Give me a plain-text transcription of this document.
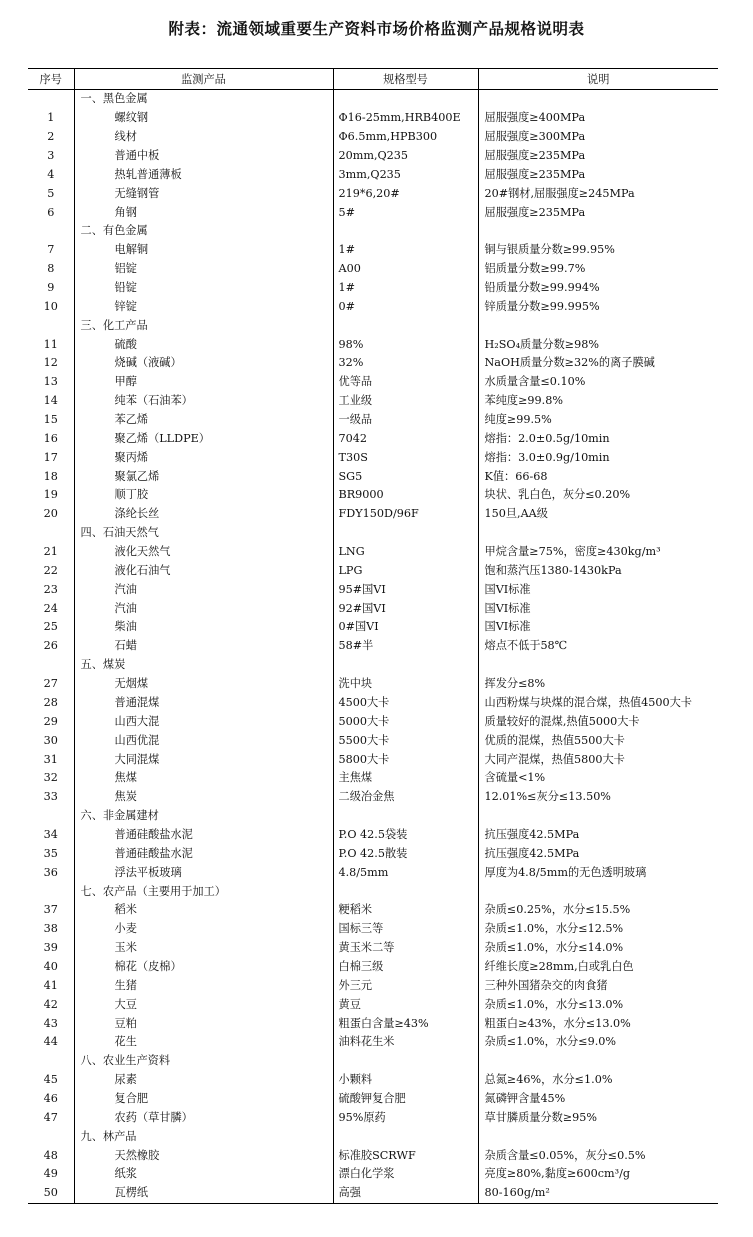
附表：流通领域重要生产资料市场价格监测产品规格说明表
序号	监测产品	规格型号	说明
	一、黑色金属		
1	螺纹钢	Φ16-25mm,HRB400E	屈服强度≥400MPa
2	线材	Φ6.5mm,HPB300	屈服强度≥300MPa
3	普通中板	20mm,Q235	屈服强度≥235MPa
4	热轧普通薄板	3mm,Q235	屈服强度≥235MPa
5	无缝钢管	219*6,20#	20#钢材,屈服强度≥245MPa
6	角钢	5#	屈服强度≥235MPa
	二、有色金属		
7	电解铜	1#	铜与银质量分数≥99.95%
8	铝锭	A00	铝质量分数≥99.7%
9	铅锭	1#	铅质量分数≥99.994%
10	锌锭	0#	锌质量分数≥99.995%
	三、化工产品		
11	硫酸	98%	H₂SO₄质量分数≥98%
12	烧碱（液碱）	32%	NaOH质量分数≥32%的离子膜碱
13	甲醇	优等品	水质量含量≤0.10%
14	纯苯（石油苯）	工业级	苯纯度≥99.8%
15	苯乙烯	一级品	纯度≥99.5%
16	聚乙烯（LLDPE）	7042	熔指：2.0±0.5g/10min
17	聚丙烯	T30S	熔指：3.0±0.9g/10min
18	聚氯乙烯	SG5	K值：66-68
19	顺丁胶	BR9000	块状、乳白色，灰分≤0.20%
20	涤纶长丝	FDY150D/96F	150旦,AA级
	四、石油天然气		
21	液化天然气	LNG	甲烷含量≥75%，密度≥430kg/m³
22	液化石油气	LPG	饱和蒸汽压1380-1430kPa
23	汽油	95#国VI	国VI标准
24	汽油	92#国VI	国VI标准
25	柴油	0#国VI	国VI标准
26	石蜡	58#半	熔点不低于58℃
	五、煤炭		
27	无烟煤	洗中块	挥发分≤8%
28	普通混煤	4500大卡	山西粉煤与块煤的混合煤，热值4500大卡
29	山西大混	5000大卡	质量较好的混煤,热值5000大卡
30	山西优混	5500大卡	优质的混煤，热值5500大卡
31	大同混煤	5800大卡	大同产混煤，热值5800大卡
32	焦煤	主焦煤	含硫量<1%
33	焦炭	二级冶金焦	12.01%≤灰分≤13.50%
	六、非金属建材		
34	普通硅酸盐水泥	P.O 42.5袋装	抗压强度42.5MPa
35	普通硅酸盐水泥	P.O 42.5散装	抗压强度42.5MPa
36	浮法平板玻璃	4.8/5mm	厚度为4.8/5mm的无色透明玻璃
	七、农产品（主要用于加工）		
37	稻米	粳稻米	杂质≤0.25%，水分≤15.5%
38	小麦	国标三等	杂质≤1.0%，水分≤12.5%
39	玉米	黄玉米二等	杂质≤1.0%，水分≤14.0%
40	棉花（皮棉）	白棉三级	纤维长度≥28mm,白或乳白色
41	生猪	外三元	三种外国猪杂交的肉食猪
42	大豆	黄豆	杂质≤1.0%，水分≤13.0%
43	豆粕	粗蛋白含量≥43%	粗蛋白≥43%，水分≤13.0%
44	花生	油料花生米	杂质≤1.0%，水分≤9.0%
	八、农业生产资料		
45	尿素	小颗料	总氮≥46%，水分≤1.0%
46	复合肥	硫酸钾复合肥	氮磷钾含量45%
47	农药（草甘膦）	95%原药	草甘膦质量分数≥95%
	九、林产品		
48	天然橡胶	标准胶SCRWF	杂质含量≤0.05%，灰分≤0.5%
49	纸浆	漂白化学浆	亮度≥80%,黏度≥600cm³/g
50	瓦楞纸	高强	80-160g/m²
